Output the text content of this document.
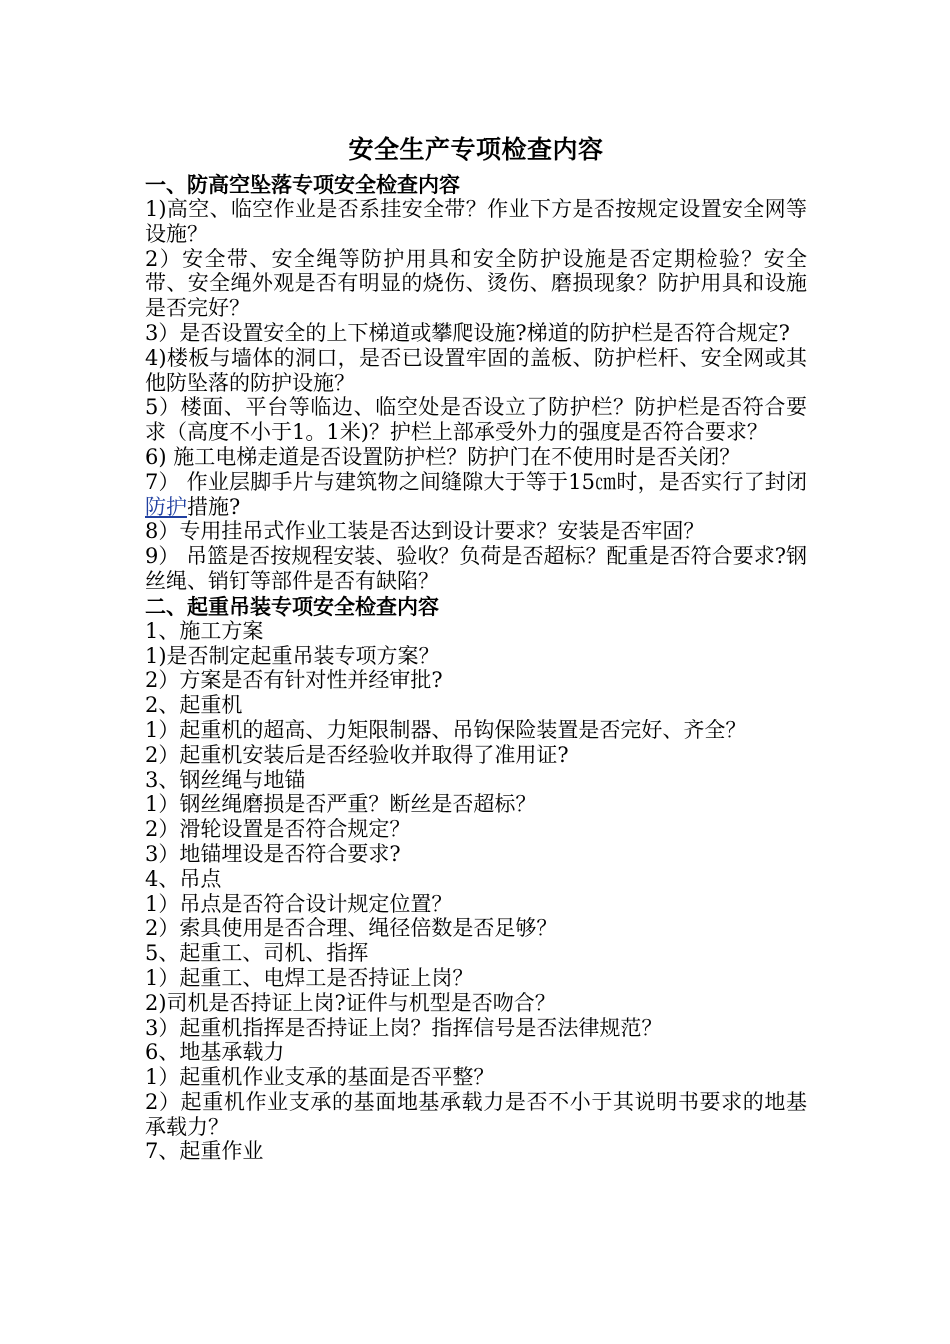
安全生产专项检查内容
一、防高空坠落专项安全检查内容
1)高空、临空作业是否系挂安全带？作业下方是否按规定设置安全网等设施？
2）安全带、安全绳等防护用具和安全防护设施是否定期检验？安全带、安全绳外观是否有明显的烧伤、烫伤、磨损现象？防护用具和设施是否完好？
3）是否设置安全的上下梯道或攀爬设施?梯道的防护栏是否符合规定?
4)楼板与墙体的洞口，是否已设置牢固的盖板、防护栏杆、安全网或其他防坠落的防护设施？
5）楼面、平台等临边、临空处是否设立了防护栏？防护栏是否符合要求（高度不小于1。1米)？护栏上部承受外力的强度是否符合要求？
6) 施工电梯走道是否设置防护栏？防护门在不使用时是否关闭？
7） 作业层脚手片与建筑物之间缝隙大于等于15㎝时，是否实行了封闭防护措施?
8）专用挂吊式作业工装是否达到设计要求？安装是否牢固？
9） 吊篮是否按规程安装、验收？负荷是否超标？配重是否符合要求?钢丝绳、销钉等部件是否有缺陷？
二、起重吊装专项安全检查内容
1、施工方案
1)是否制定起重吊装专项方案？
2）方案是否有针对性并经审批?
2、起重机
1）起重机的超高、力矩限制器、吊钩保险装置是否完好、齐全？
2）起重机安装后是否经验收并取得了准用证?
3、钢丝绳与地锚
1）钢丝绳磨损是否严重？断丝是否超标？
2）滑轮设置是否符合规定？
3）地锚埋设是否符合要求?
4、吊点
1）吊点是否符合设计规定位置？
2）索具使用是否合理、绳径倍数是否足够？
5、起重工、司机、指挥
1）起重工、电焊工是否持证上岗？
2)司机是否持证上岗?证件与机型是否吻合？
3）起重机指挥是否持证上岗？指挥信号是否法律规范？
6、地基承载力
1）起重机作业支承的基面是否平整？
2）起重机作业支承的基面地基承载力是否不小于其说明书要求的地基承载力？
7、起重作业
